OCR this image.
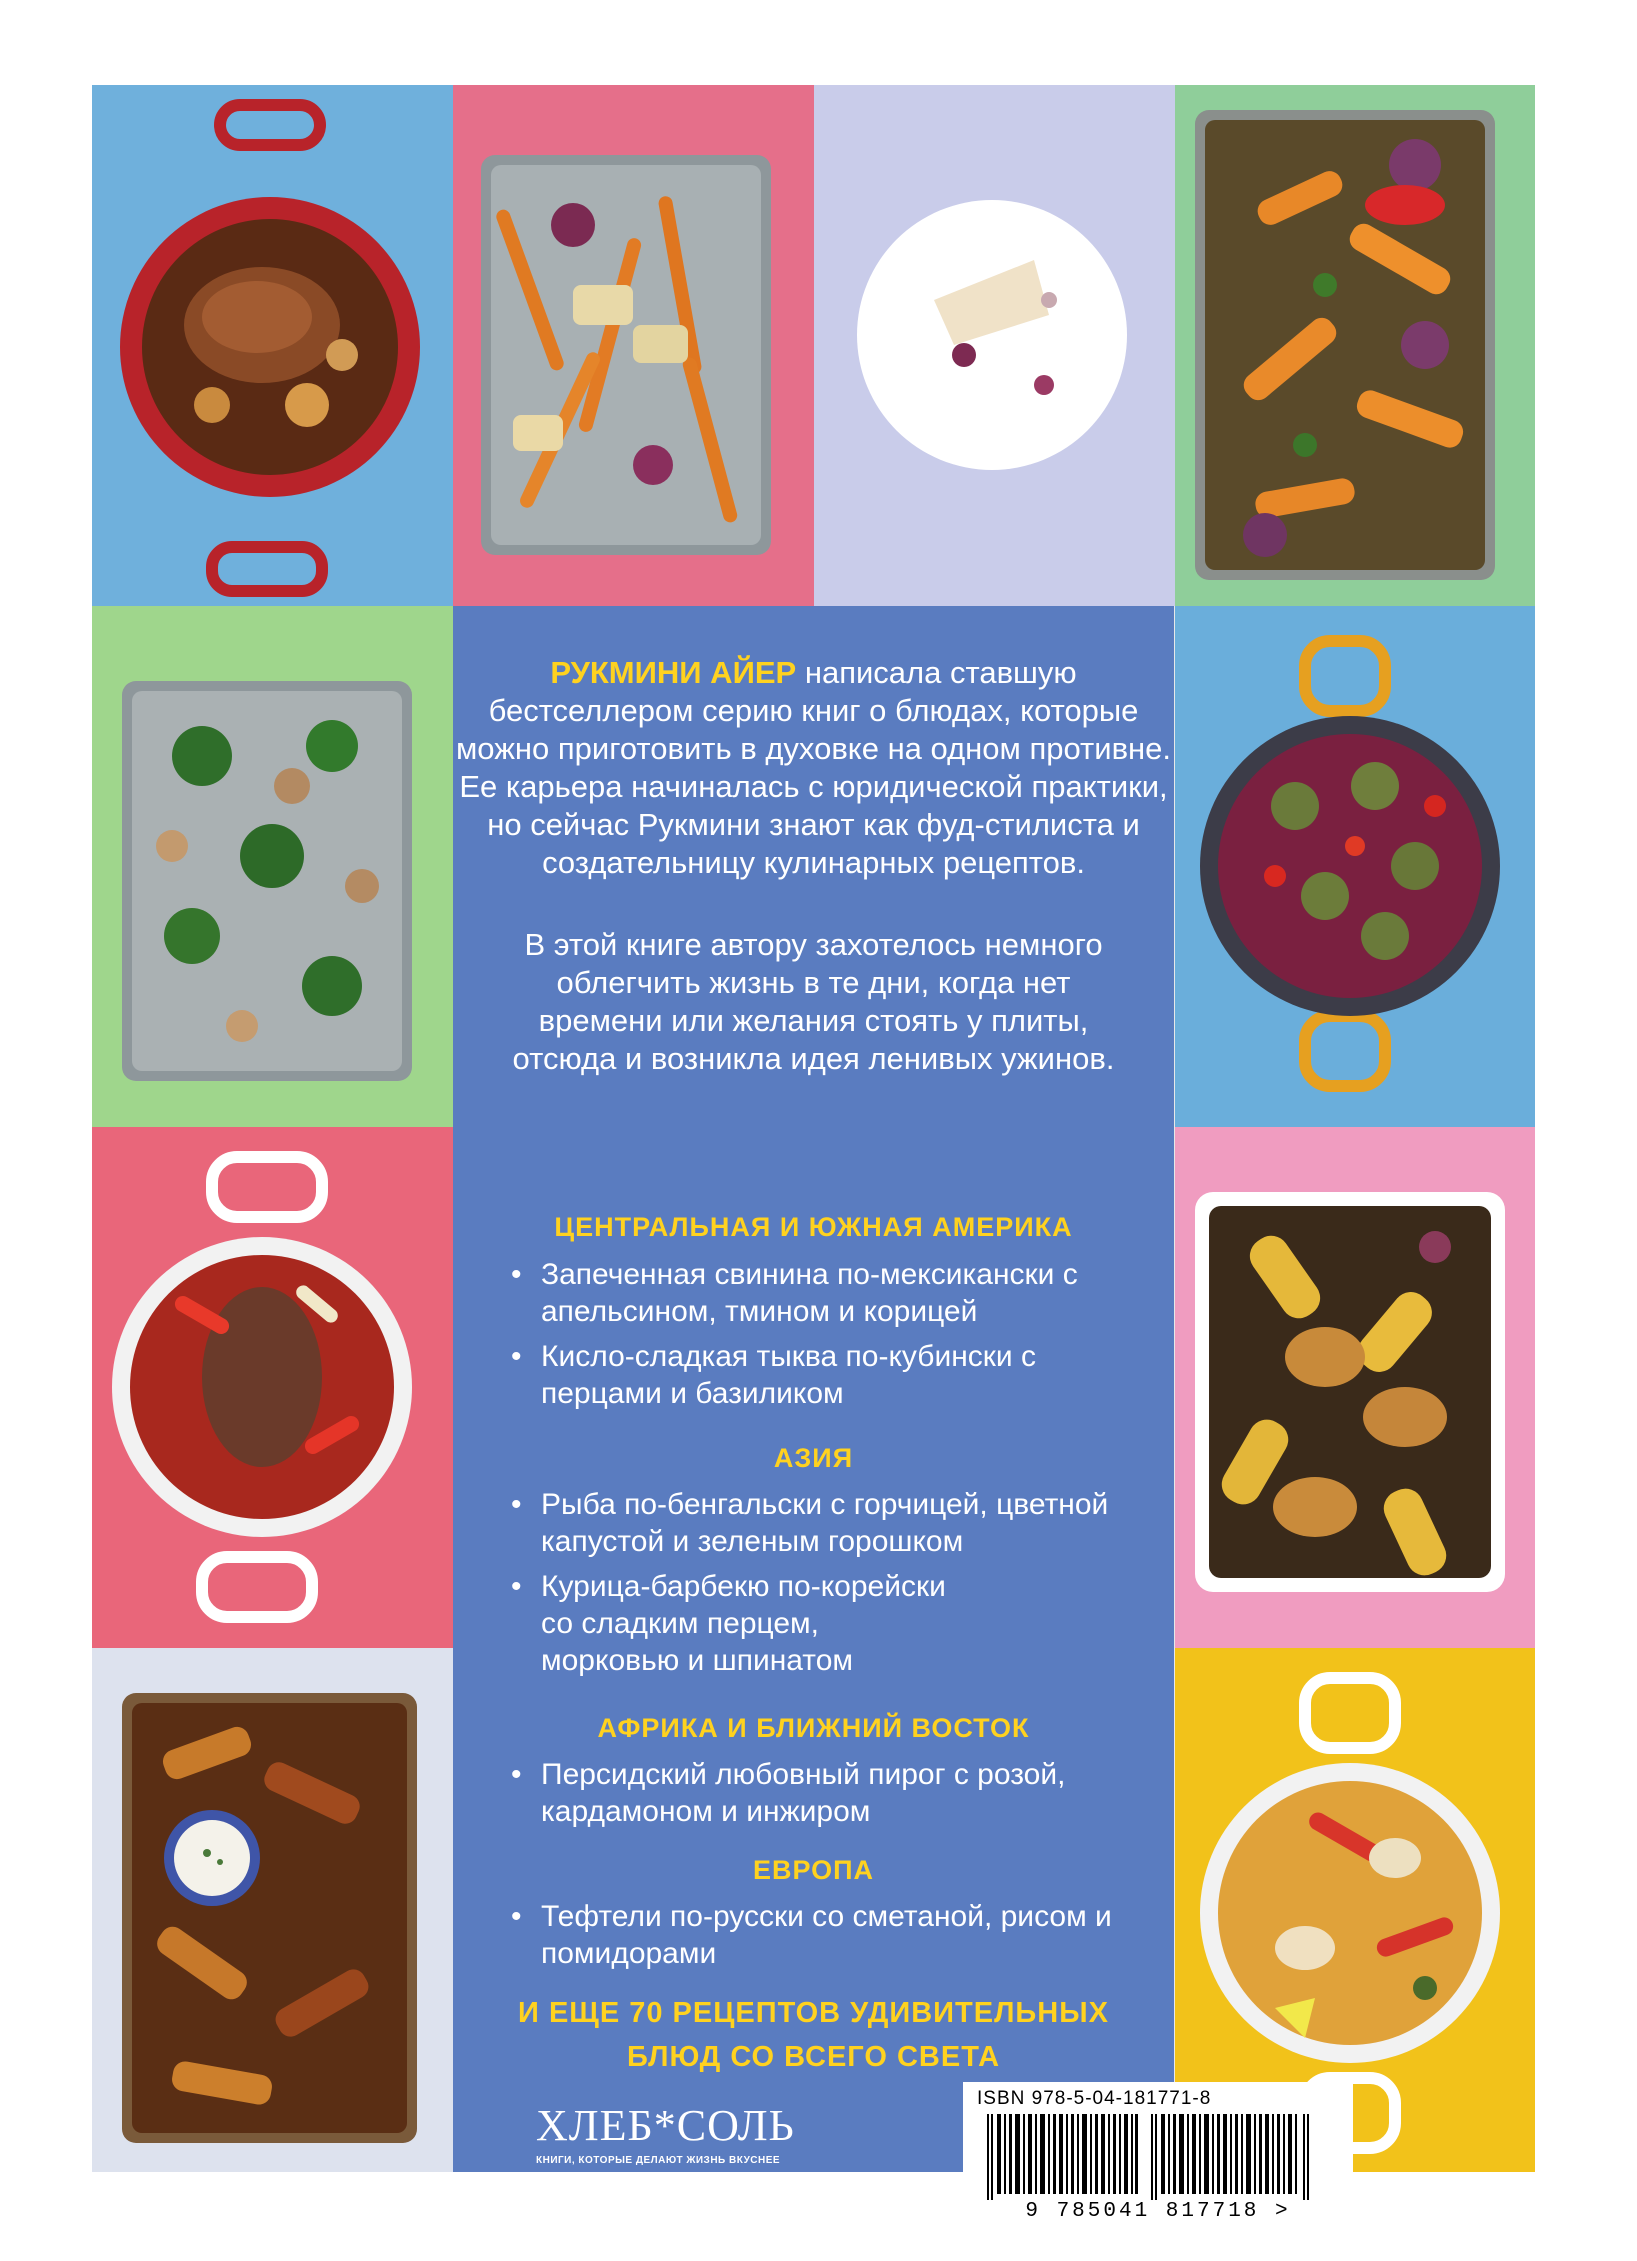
РУКМИНИ АЙЕР написала ставшую бестселлером серию книг о блюдах, которые можно приготовить в духовке на одном противне. Ее карьера начиналась с юридической практики, но сейчас Рукмини знают как фуд-стилиста и создательницу кулинарных рецептов.

В этой книге автору захотелось немного облегчить жизнь в те дни, когда нет времени или желания стоять у плиты, отсюда и возникла идея ленивых ужинов.

ЦЕНТРАЛЬНАЯ И ЮЖНАЯ АМЕРИКА
• Запеченная свинина по-мексикански с апельсином, тмином и корицей
• Кисло-сладкая тыква по-кубински с перцами и базиликом
АЗИЯ
• Рыба по-бенгальски с горчицей, цветной капустой и зеленым горошком
• Курица-барбекю по-корейски со сладким перцем, морковью и шпинатом
АФРИКА И БЛИЖНИЙ ВОСТОК
• Персидский любовный пирог с розой, кардамоном и инжиром
ЕВРОПА
• Тефтели по-русски со сметаной, рисом и помидорами
И ЕЩЕ 70 РЕЦЕПТОВ УДИВИТЕЛЬНЫХ
БЛЮД СО ВСЕГО СВЕТА
ХЛЕБ*СОЛЬ
КНИГИ, КОТОРЫЕ ДЕЛАЮТ ЖИЗНЬ ВКУСНЕЕ
breadsalt.publisher
ISBN 978-5-04-181771-8
9 785041 817718 >
